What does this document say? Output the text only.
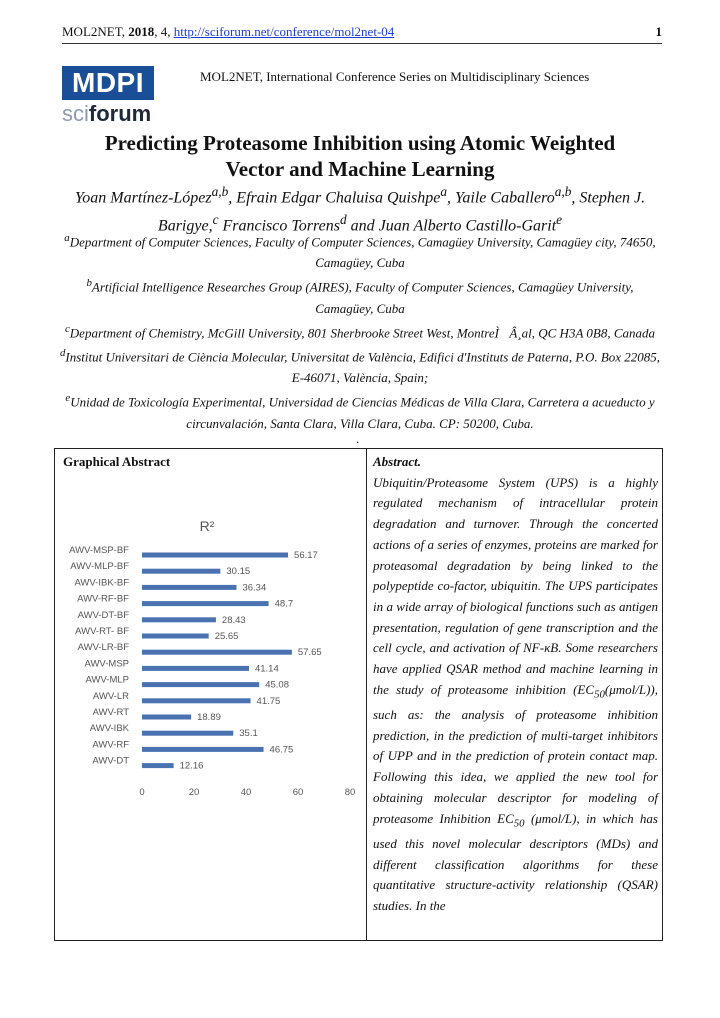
MOL2NET, 2018, 4, http://sciforum.net/conference/mol2net-04	1
MDPI
sciforum
MOL2NET, International Conference Series on Multidisciplinary Sciences
Predicting Proteasome Inhibition using Atomic Weighted
Vector and Machine Learning
Yoan Martínez-López$^{a,b}$, Efrain Edgar Chaluisa Quishpe$^a$, Yaile Caballero$^{a,b}$, Stephen J.
Barigye,$^c$ Francisco Torrens$^d$ and Juan Alberto Castillo-Garit$^e$

$^a$Department of Computer Sciences, Faculty of Computer Sciences, Camagüey University, Camagüey city, 74650, Camagüey, Cuba

$^b$Artificial Intelligence Researches Group (AIRES), Faculty of Computer Sciences, Camagüey University, Camagüey, Cuba

$^c$Department of Chemistry, McGill University, 801 Sherbrooke Street West, MontreÌÂ¸al, QC H3A 0B8, Canada

$^d$Institut Universitari de Ciència Molecular, Universitat de València, Edifici d'Instituts de Paterna, P.O. Box 22085, E-46071, València, Spain;

$^e$Unidad de Toxicología Experimental, Universidad de Ciencias Médicas de Villa Clara, Carretera a acueducto y circunvalación, Santa Clara, Villa Clara, Cuba. CP: 50200, Cuba.

.
Graphical Abstract
R²
AWV-MSP-BF	56.17
AWV-MLP-BF	30.15
AWV-IBK-BF	36.34
AWV-RF-BF	48.7
AWV-DT-BF	28.43
AWV-RT- BF	25.65
AWV-LR-BF	57.65
AWV-MSP	41.14
AWV-MLP	45.08
AWV-LR	41.75
AWV-RT	18.89
AWV-IBK	35.1
AWV-RF	46.75
AWV-DT	12.16
0	20	40	60	80

Abstract.
Ubiquitin/Proteasome System (UPS) is a highly regulated mechanism of intracellular protein degradation and turnover. Through the concerted actions of a series of enzymes, proteins are marked for proteasomal degradation by being linked to the polypeptide co-factor, ubiquitin. The UPS participates in a wide array of biological functions such as antigen presentation, regulation of gene transcription and the cell cycle, and activation of NF-κB. Some researchers have applied QSAR method and machine learning in the study of proteasome inhibition $(EC_{50}(\mu mol/L))$, such as: the analysis of proteasome inhibition prediction, in the prediction of multi-target inhibitors of UPP and in the prediction of protein contact map. Following this idea, we applied the new tool for obtaining molecular descriptor for modeling of proteasome Inhibition $EC_{50}$ (μmol/L), in which has used this novel molecular descriptors (MDs) and different classification algorithms for these quantitative structure-activity relationship (QSAR) studies. In the
